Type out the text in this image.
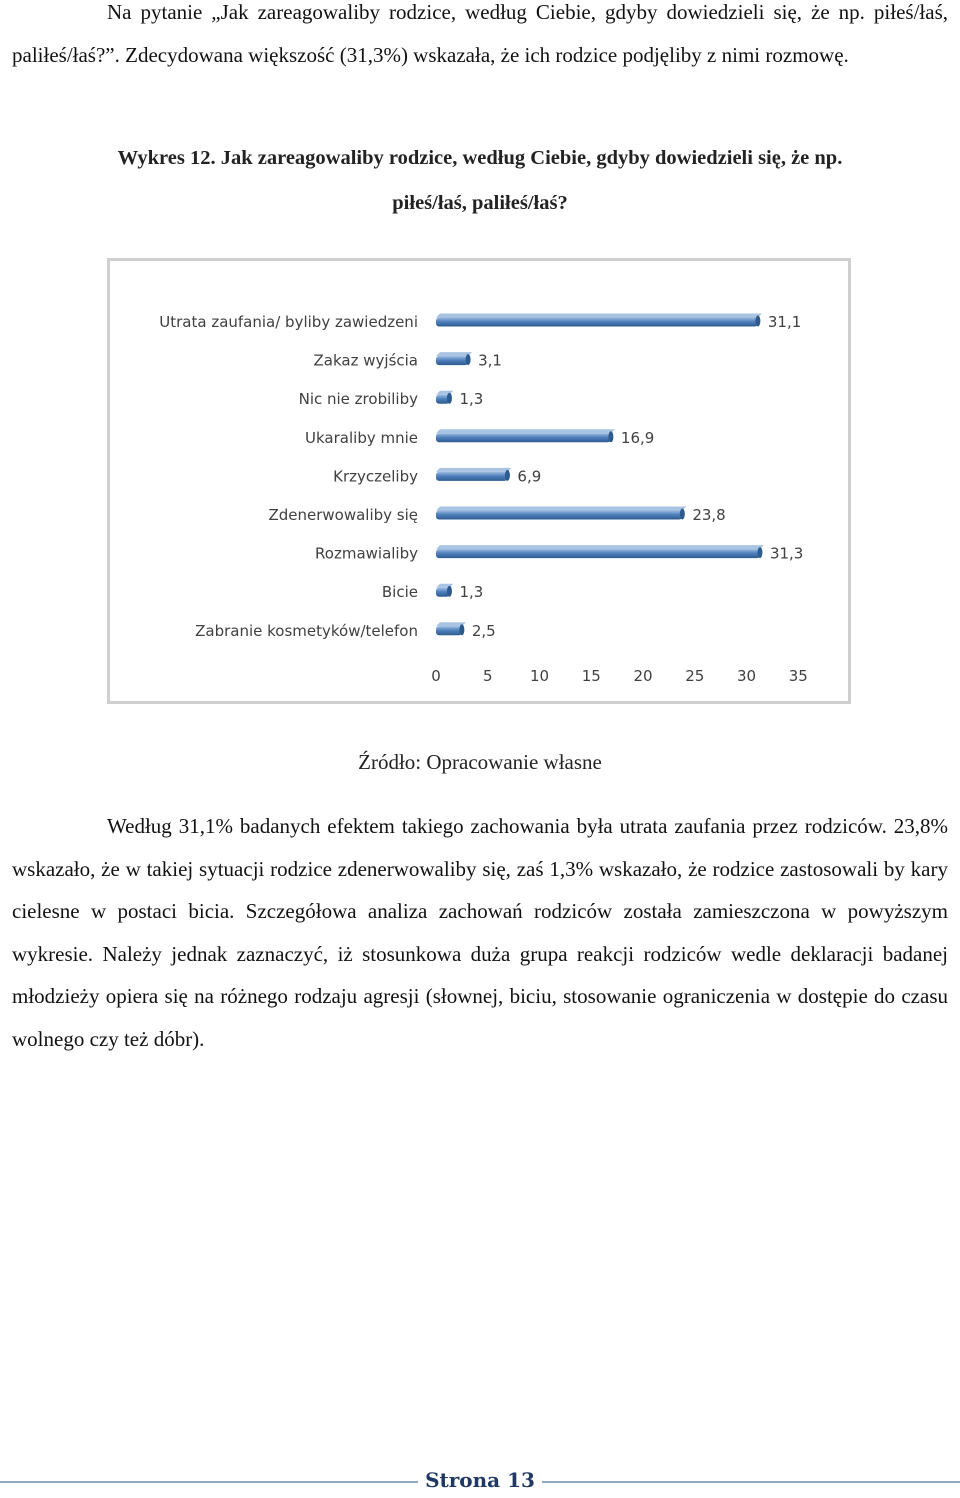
Na pytanie „Jak zareagowaliby rodzice, według Ciebie, gdyby dowiedzieli się, że np. piłeś/łaś, paliłeś/łaś?”. Zdecydowana większość (31,3%) wskazała, że ich rodzice podjęliby z nimi rozmowę.

Wykres 12. Jak zareagowaliby rodzice, według Ciebie, gdyby dowiedzieli się, że np.

piłeś/łaś, paliłeś/łaś?

Utrata zaufania/ byliby zawiedzeni	31,1
Zakaz wyjścia	3,1
Nic nie zrobiliby	1,3
Ukaraliby mnie	16,9
Krzyczeliby	6,9
Zdenerwowaliby się	23,8
Rozmawialiby	31,3
Bicie	1,3
Zabranie kosmetyków/telefon	2,5
0	5 10 15 20 25 30 35

Źródło: Opracowanie własne

Według 31,1% badanych efektem takiego zachowania była utrata zaufania przez rodziców. 23,8% wskazało, że w takiej sytuacji rodzice zdenerwowaliby się, zaś 1,3% wskazało, że rodzice zastosowali by kary cielesne w postaci bicia. Szczegółowa analiza zachowań rodziców została zamieszczona w powyższym wykresie. Należy jednak zaznaczyć, iż stosunkowa duża grupa reakcji rodziców wedle deklaracji badanej młodzieży opiera się na różnego rodzaju agresji (słownej, biciu, stosowanie ograniczenia w dostępie do czasu wolnego czy też dóbr).

Strona 13
